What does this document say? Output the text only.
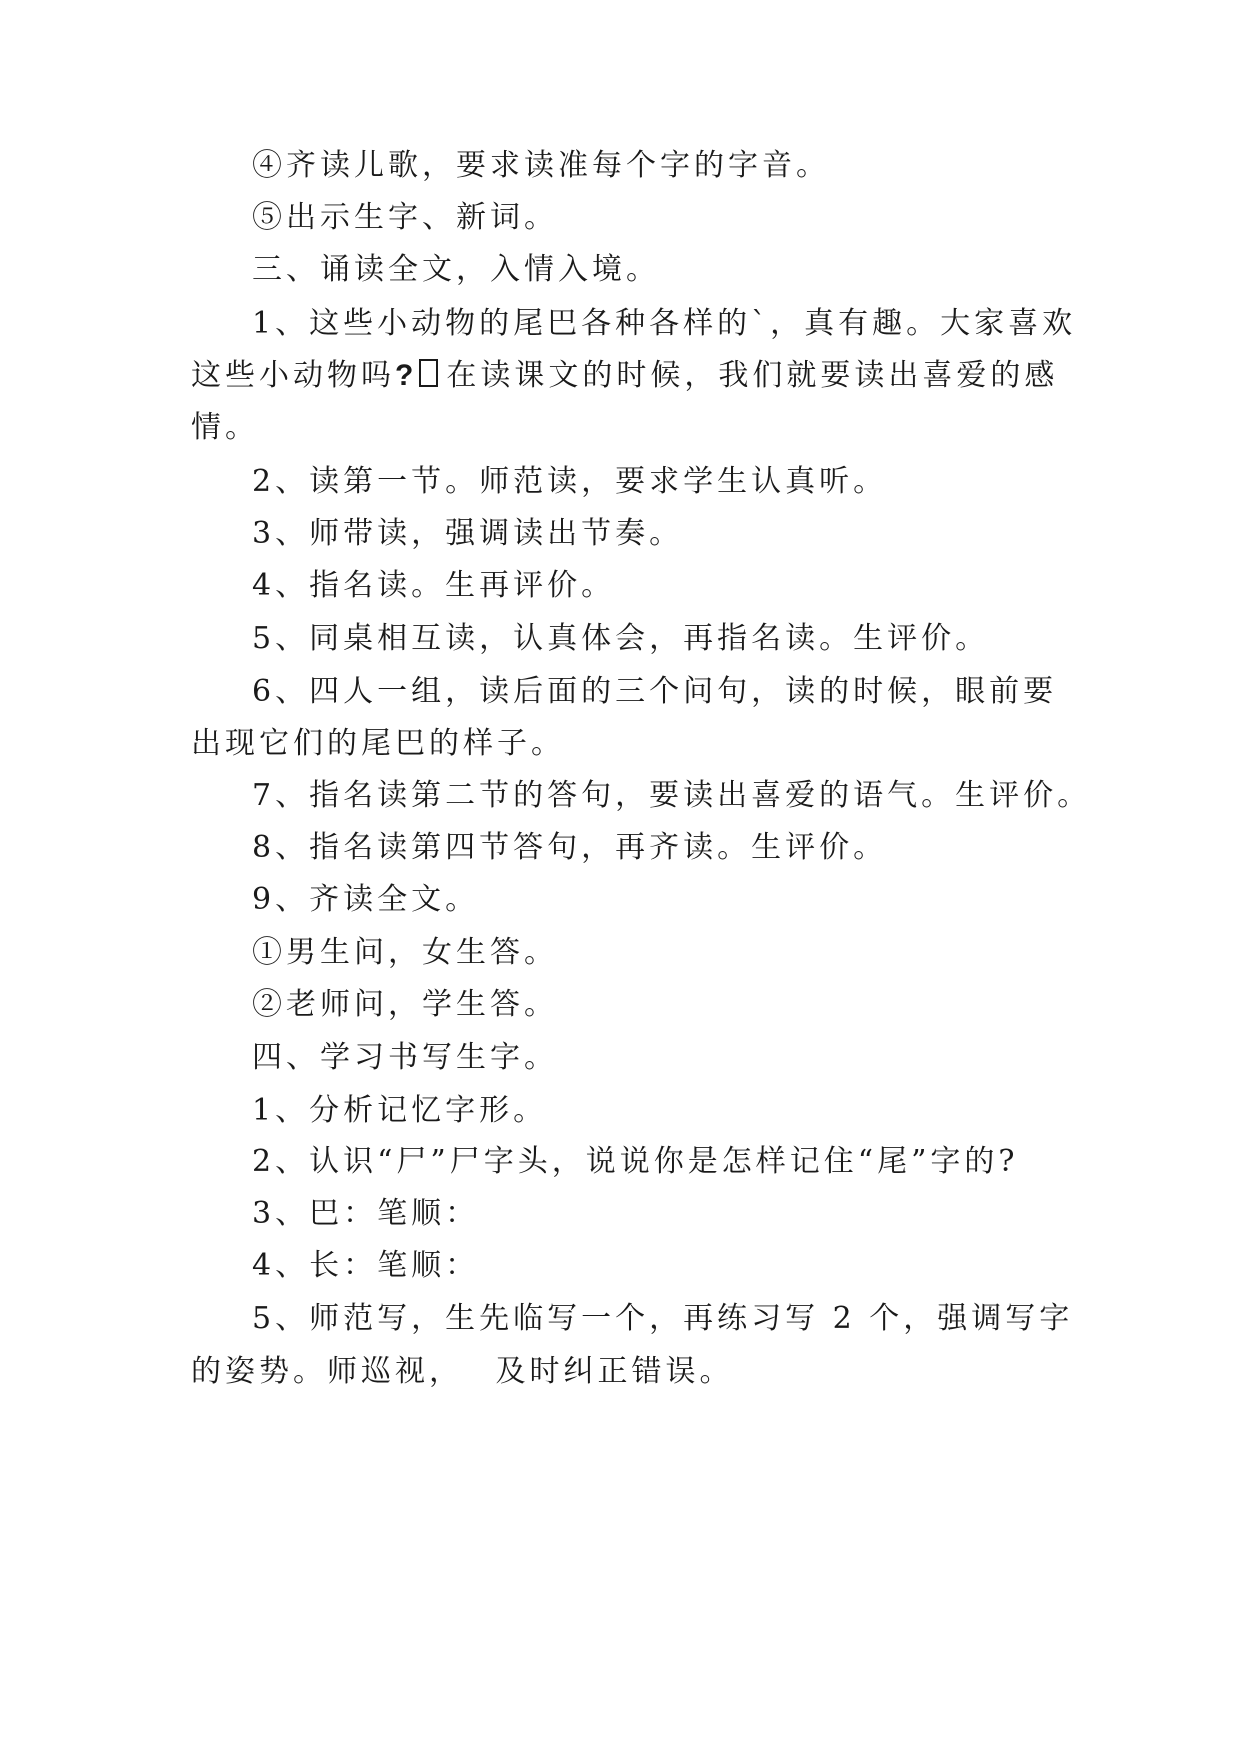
④齐读儿歌，要求读准每个字的字音。
⑤出示生字、新词。
三、诵读全文，入情入境。
1、这些小动物的尾巴各种各样的`，真有趣。大家喜欢
这些小动物吗? 在读课文的时候，我们就要读出喜爱的感
情。
2、读第一节。师范读，要求学生认真听。
3、师带读，强调读出节奏。
4、指名读。生再评价。
5、同桌相互读，认真体会，再指名读。生评价。
6、四人一组，读后面的三个问句，读的时候，眼前要
出现它们的尾巴的样子。
7、指名读第二节的答句，要读出喜爱的语气。生评价。
8、指名读第四节答句，再齐读。生评价。
9、齐读全文。
①男生问，女生答。
②老师问，学生答。
四、学习书写生字。
1、分析记忆字形。
2、认识“尸”尸字头，说说你是怎样记住“尾”字的?
3、巴：笔顺：
4、长：笔顺：
5、师范写，生先临写一个，再练习写 2 个，强调写字
的姿势。师巡视，　 及时纠正错误。
